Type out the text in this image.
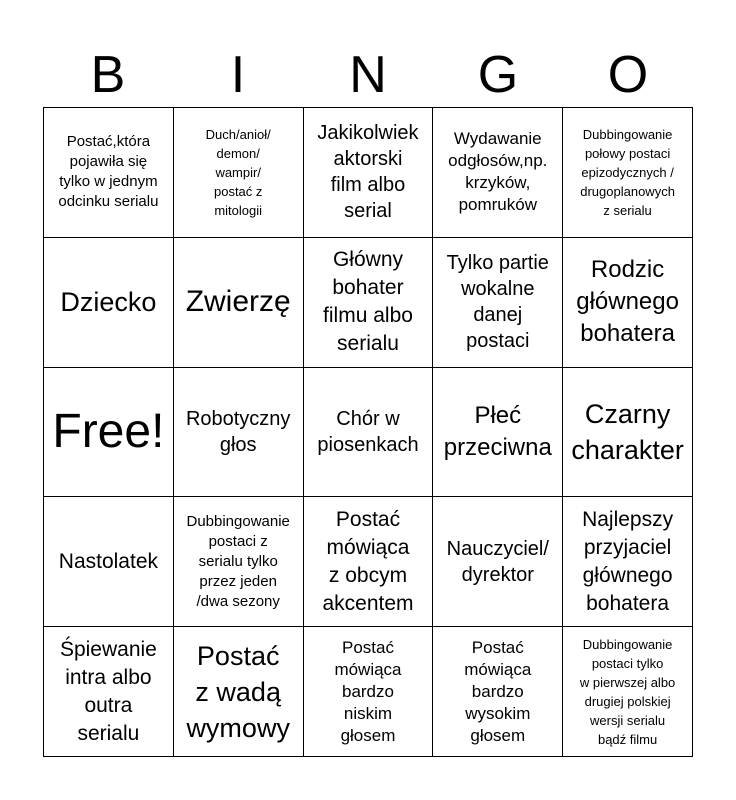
B	I	N	G	O
Postać,która
pojawiła się
tylko w jednym
odcinku serialu
Duch/anioł/
demon/
wampir/
postać z
mitologii
Jakikolwiek
aktorski
film albo
serial
Wydawanie
odgłosów,np.
krzyków,
pomruków
Dubbingowanie
połowy postaci
epizodycznych /
drugoplanowych
z serialu
Dziecko Zwierzę
Główny
bohater
filmu albo
serialu
Tylko partie
wokalne
danej
postaci
Rodzic
głównego
bohatera
Free!	Robotyczny
głos
Chór w
piosenkach
Płeć
przeciwna
Czarny
charakter
Nastolatek
Dubbingowanie
postaci z
serialu tylko
przez jeden
/dwa sezony
Postać
mówiąca
z obcym
akcentem
Nauczyciel/
dyrektor
Najlepszy
przyjaciel
głównego
bohatera
Śpiewanie
intra albo
outra
serialu
Postać
z wadą
wymowy
Postać
mówiąca
bardzo
niskim
głosem
Postać
mówiąca
bardzo
wysokim
głosem
Dubbingowanie
postaci tylko
w pierwszej albo
drugiej polskiej
wersji serialu
bądź filmu
